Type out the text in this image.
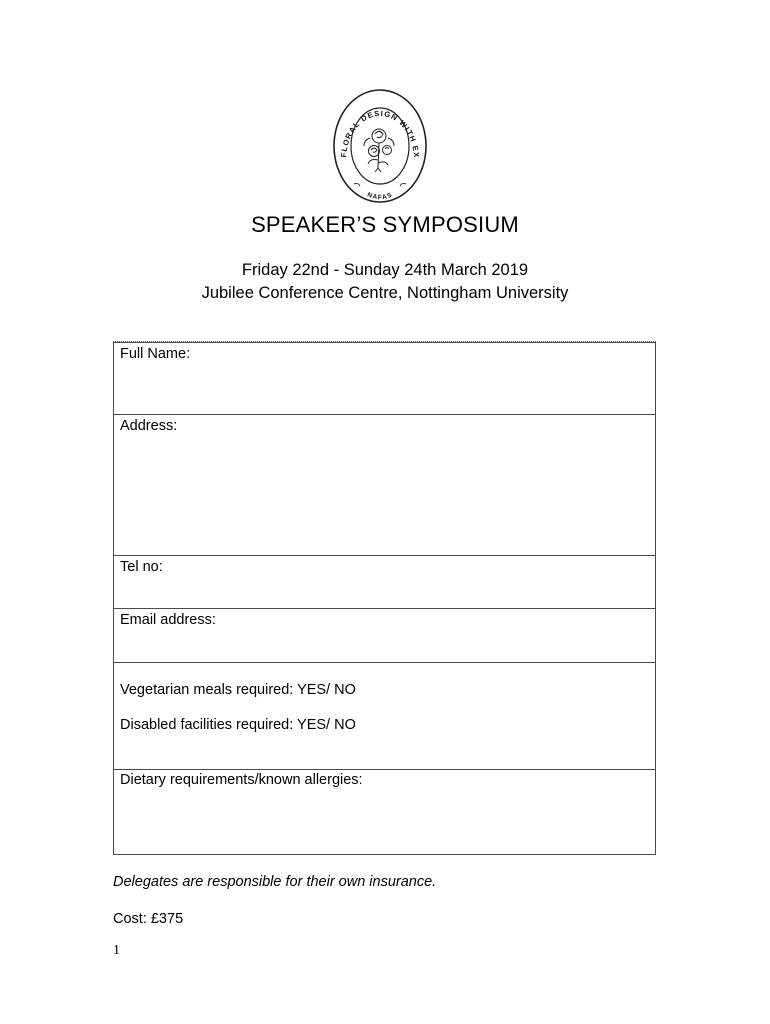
FLORAL DESIGN WITH EX
NAFAS
SPEAKER’S SYMPOSIUM
Friday 22nd - Sunday 24th March 2019
Jubilee Conference Centre, Nottingham University
Full Name:
Address:
Tel no:
Email address:
Vegetarian meals required: YES/ NO
Disabled facilities required: YES/ NO
Dietary requirements/known allergies:
Delegates are responsible for their own insurance.
Cost: £375
1
